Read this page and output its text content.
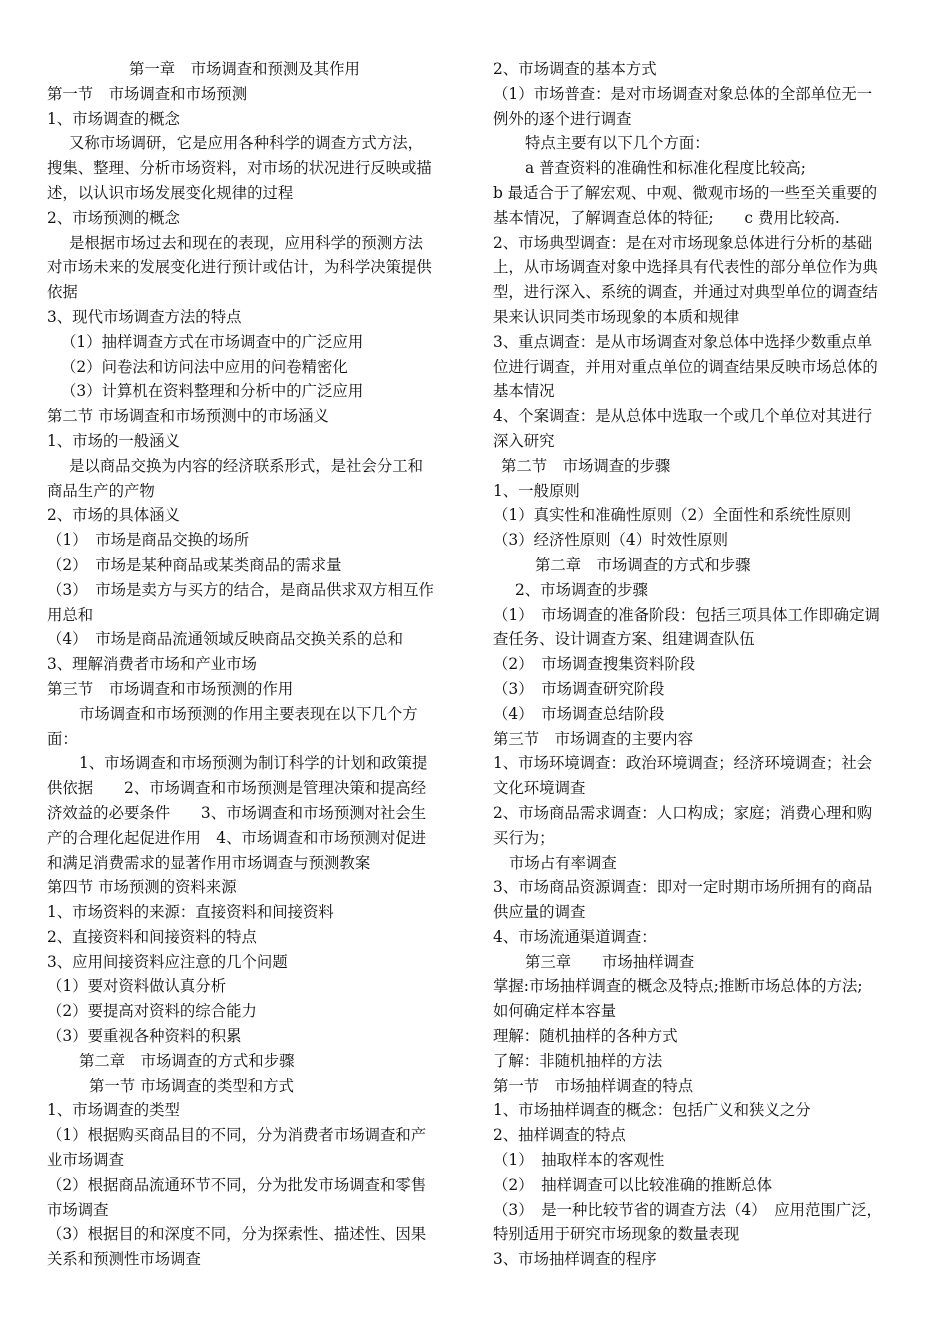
第一章　市场调查和预测及其作用
第一节　市场调查和市场预测
1、市场调查的概念
又称市场调研，它是应用各种科学的调查方式方法，
搜集、整理、分析市场资料，对市场的状况进行反映或描
述，以认识市场发展变化规律的过程
2、市场预测的概念
是根据市场过去和现在的表现，应用科学的预测方法
对市场未来的发展变化进行预计或估计，为科学决策提供
依据
3、现代市场调查方法的特点
（1）抽样调查方式在市场调查中的广泛应用
（2）问卷法和访问法中应用的问卷精密化
（3）计算机在资料整理和分析中的广泛应用
第二节 市场调查和市场预测中的市场涵义
1、市场的一般涵义
是以商品交换为内容的经济联系形式，是社会分工和
商品生产的产物
2、市场的具体涵义
（1）　市场是商品交换的场所
（2）　市场是某种商品或某类商品的需求量
（3）　市场是卖方与买方的结合，是商品供求双方相互作
用总和
（4）　市场是商品流通领域反映商品交换关系的总和
3、理解消费者市场和产业市场
第三节　市场调查和市场预测的作用
市场调查和市场预测的作用主要表现在以下几个方
面：
1、市场调查和市场预测为制订科学的计划和政策提
供依据　　2、市场调查和市场预测是管理决策和提高经
济效益的必要条件　　3、市场调查和市场预测对社会生
产的合理化起促进作用　4、市场调查和市场预测对促进
和满足消费需求的显著作用市场调查与预测教案
第四节 市场预测的资料来源
1、市场资料的来源：直接资料和间接资料
2、直接资料和间接资料的特点
3、应用间接资料应注意的几个问题
（1）要对资料做认真分析
（2）要提高对资料的综合能力
（3）要重视各种资料的积累
第二章　市场调查的方式和步骤
第一节 市场调查的类型和方式
1、市场调查的类型
（1）根据购买商品目的不同，分为消费者市场调查和产
业市场调查
（2）根据商品流通环节不同，分为批发市场调查和零售
市场调查
（3）根据目的和深度不同，分为探索性、描述性、因果
关系和预测性市场调查
2、市场调查的基本方式
（1）市场普查：是对市场调查对象总体的全部单位无一
例外的逐个进行调查
特点主要有以下几个方面：
a 普查资料的准确性和标准化程度比较高;
b 最适合于了解宏观、中观、微观市场的一些至关重要的
基本情况，了解调查总体的特征;　　c 费用比较高.
2、市场典型调查：是在对市场现象总体进行分析的基础
上，从市场调查对象中选择具有代表性的部分单位作为典
型，进行深入、系统的调查，并通过对典型单位的调查结
果来认识同类市场现象的本质和规律
3、重点调查：是从市场调查对象总体中选择少数重点单
位进行调查，并用对重点单位的调查结果反映市场总体的
基本情况
4、个案调查：是从总体中选取一个或几个单位对其进行
深入研究
第二节　市场调查的步骤
1、一般原则
（1）真实性和准确性原则（2）全面性和系统性原则
（3）经济性原则（4）时效性原则
第二章　市场调查的方式和步骤
2、市场调查的步骤
（1）　市场调查的准备阶段：包括三项具体工作即确定调
查任务、设计调查方案、组建调查队伍
（2）　市场调查搜集资料阶段
（3）　市场调查研究阶段
（4）　市场调查总结阶段
第三节　市场调查的主要内容
1、市场环境调查：政治环境调查；经济环境调查；社会
文化环境调查
2、市场商品需求调查：人口构成；家庭；消费心理和购
买行为；
市场占有率调查
3、市场商品资源调查：即对一定时期市场所拥有的商品
供应量的调查
4、市场流通渠道调查：
第三章　　市场抽样调查
掌握:市场抽样调查的概念及特点;推断市场总体的方法;
如何确定样本容量
理解：随机抽样的各种方式
了解：非随机抽样的方法
第一节　市场抽样调查的特点
1、市场抽样调查的概念：包括广义和狭义之分
2、抽样调查的特点
（1）　抽取样本的客观性
（2）　抽样调查可以比较准确的推断总体
（3）　是一种比较节省的调查方法（4）　应用范围广泛，
特别适用于研究市场现象的数量表现
3、市场抽样调查的程序
